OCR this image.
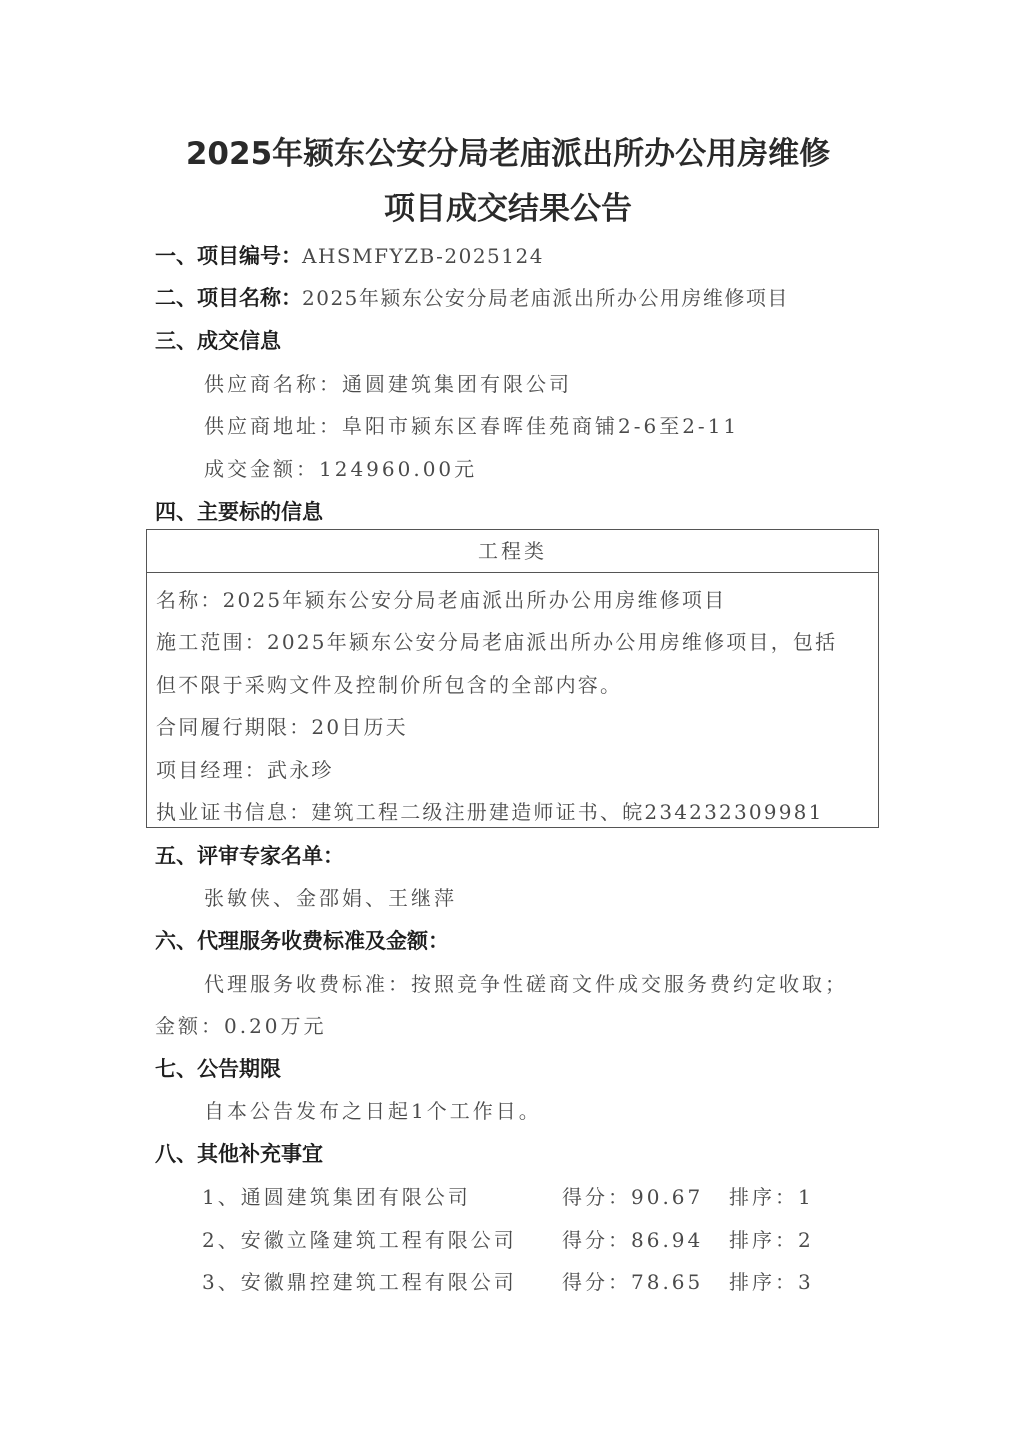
2025年颍东公安分局老庙派出所办公用房维修
项目成交结果公告
一、项目编号：AHSMFYZB-2025124
二、项目名称：2025年颍东公安分局老庙派出所办公用房维修项目
三、成交信息
供应商名称：通圆建筑集团有限公司
供应商地址：阜阳市颍东区春晖佳苑商铺2-6至2-11
成交金额：124960.00元
四、主要标的信息
工程类
名称：2025年颍东公安分局老庙派出所办公用房维修项目
施工范围：2025年颍东公安分局老庙派出所办公用房维修项目，包括
但不限于采购文件及控制价所包含的全部内容。
合同履行期限：20日历天
项目经理：武永珍
执业证书信息：建筑工程二级注册建造师证书、皖234232309981
五、评审专家名单：
张敏侠、金邵娟、王继萍
六、代理服务收费标准及金额：
代理服务收费标准：按照竞争性磋商文件成交服务费约定收取；
金额：0.20万元
七、公告期限
自本公告发布之日起1个工作日。
八、其他补充事宜
1、通圆建筑集团有限公司	得分：90.67 排序：1
2、安徽立隆建筑工程有限公司 得分：86.94 排序：2
3、安徽鼎控建筑工程有限公司 得分：78.65 排序：3
